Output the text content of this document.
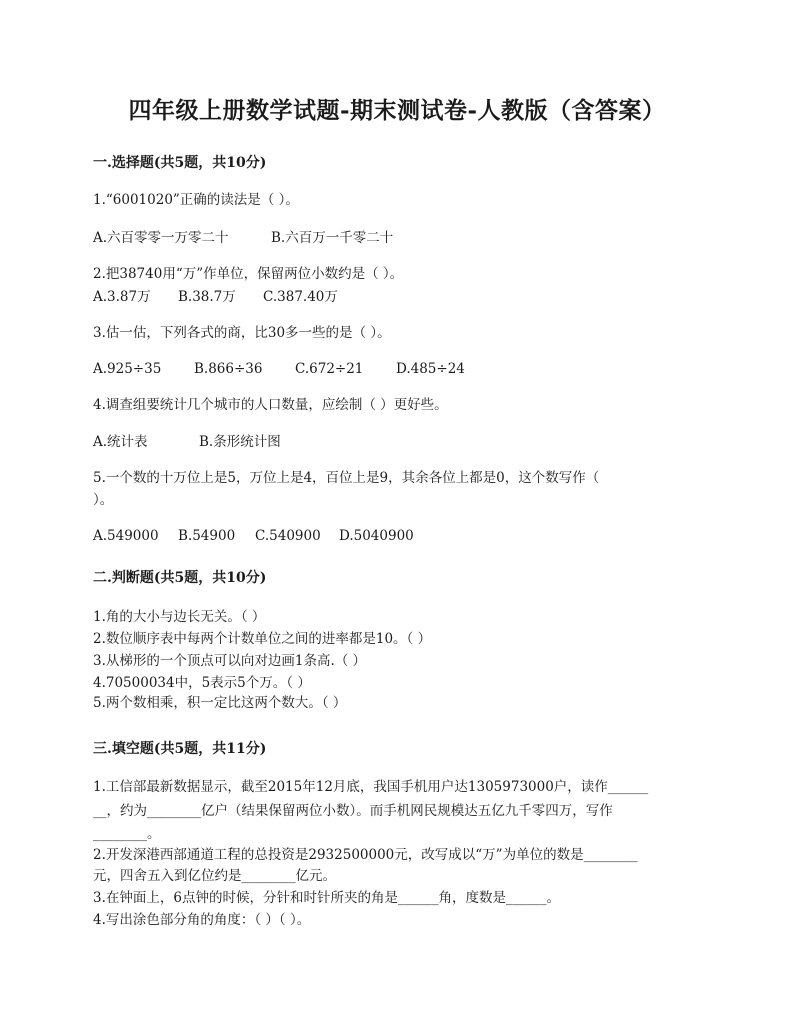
四年级上册数学试题-期末测试卷-人教版（含答案）
一.选择题(共5题，共10分)
1.“6001020”正确的读法是（ ）。
A.六百零零一万零二十	B.六百万一千零二十
2.把38740用“万”作单位，保留两位小数约是（ ）。
A.3.87万 B.38.7万 C.387.40万
3.估一估，下列各式的商，比30多一些的是（ ）。
A.925÷35 B.866÷36 C.672÷21 D.485÷24
4.调查组要统计几个城市的人口数量，应绘制（ ）更好些。
A.统计表	B.条形统计图
5.一个数的十万位上是5，万位上是4，百位上是9，其余各位上都是0，这个数写作（
）。
A.549000 B.54900 C.540900 D.5040900
二.判断题(共5题，共10分)
1.角的大小与边长无关。（ ）
2.数位顺序表中每两个计数单位之间的进率都是10。（ ）
3.从梯形的一个顶点可以向对边画1条高.（ ）
4.70500034中，5表示5个万。（ ）
5.两个数相乘，积一定比这两个数大。（ ）
三.填空题(共5题，共11分)
1.工信部最新数据显示，截至2015年12月底，我国手机用户达1305973000户，读作______
__，约为________亿户（结果保留两位小数）。而手机网民规模达五亿九千零四万，写作
________。
2.开发深港西部通道工程的总投资是2932500000元，改写成以“万”为单位的数是________
元，四舍五入到亿位约是________亿元。
3.在钟面上，6点钟的时候，分针和时针所夹的角是______角，度数是______。
4.写出涂色部分角的角度：（ ）（ ）。
